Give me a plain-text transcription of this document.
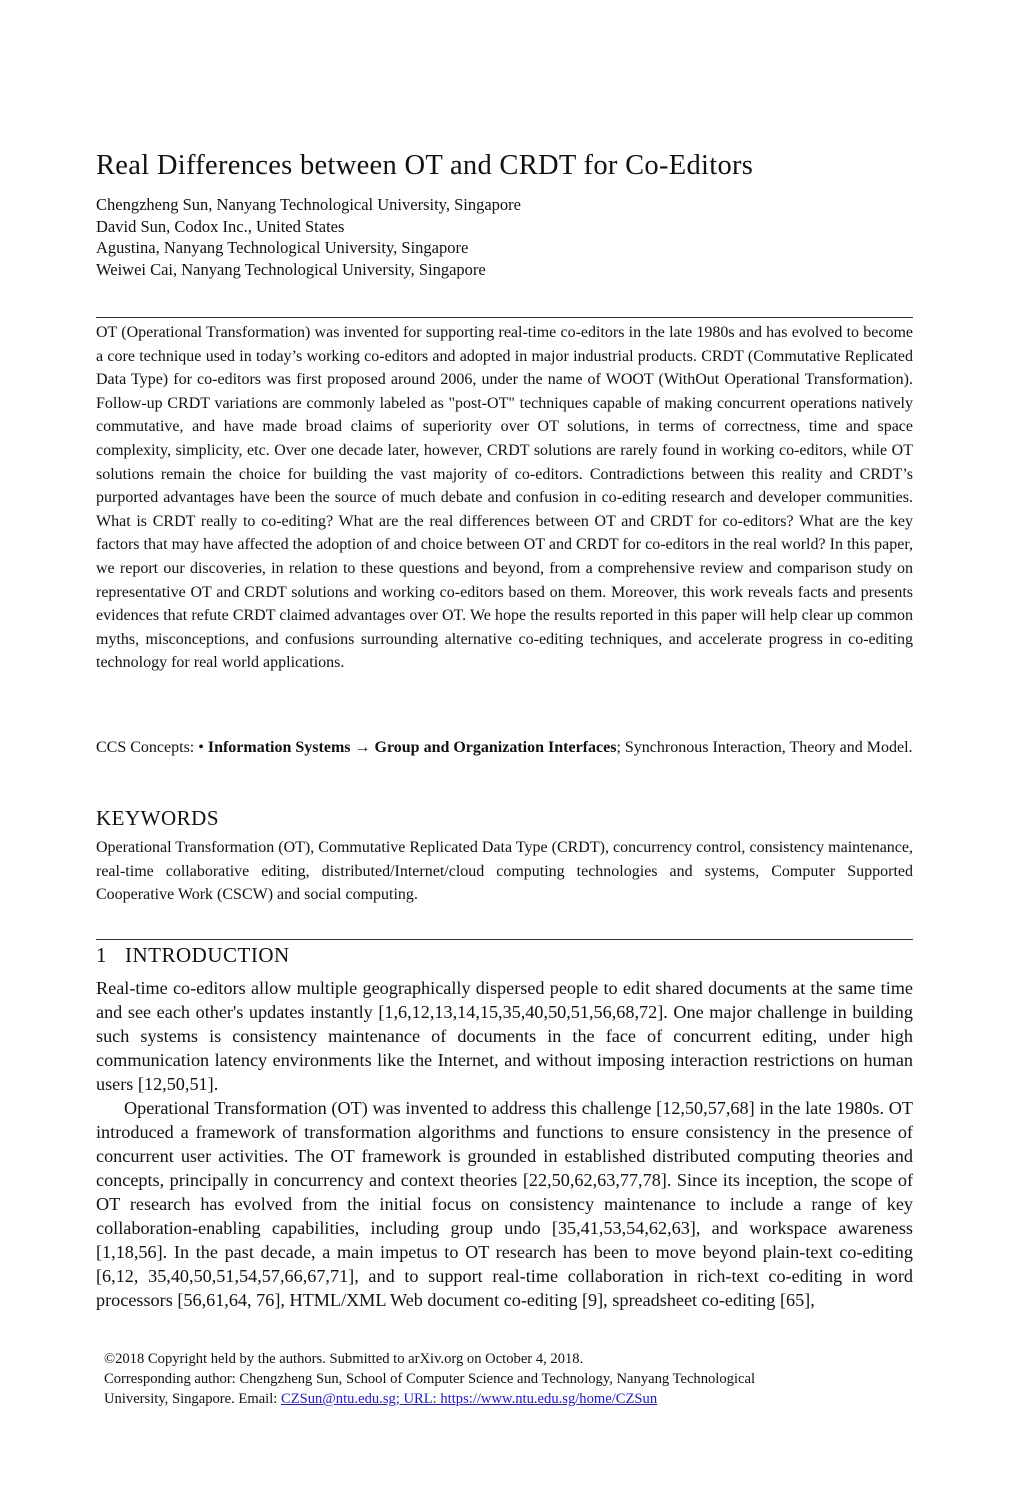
Real Differences between OT and CRDT for Co-Editors
Chengzheng Sun, Nanyang Technological University, Singapore
David Sun, Codox Inc., United States
Agustina, Nanyang Technological University, Singapore
Weiwei Cai, Nanyang Technological University, Singapore

OT (Operational Transformation) was invented for supporting real-time co-editors in the late 1980s and has evolved to become a core technique used in today’s working co-editors and adopted in major industrial products. CRDT (Commutative Replicated Data Type) for co-editors was first proposed around 2006, under the name of WOOT (WithOut Operational Transformation). Follow-up CRDT variations are commonly labeled as "post-OT" techniques capable of making concurrent operations natively commutative, and have made broad claims of superiority over OT solutions, in terms of correctness, time and space complexity, simplicity, etc. Over one decade later, however, CRDT solutions are rarely found in working co-editors, while OT solutions remain the choice for building the vast majority of co-editors. Contradictions between this reality and CRDT’s purported advantages have been the source of much debate and confusion in co-editing research and developer communities. What is CRDT really to co-editing? What are the real differences between OT and CRDT for co-editors? What are the key factors that may have affected the adoption of and choice between OT and CRDT for co-editors in the real world? In this paper, we report our discoveries, in relation to these questions and beyond, from a comprehensive review and comparison study on representative OT and CRDT solutions and working co-editors based on them. Moreover, this work reveals facts and presents evidences that refute CRDT claimed advantages over OT. We hope the results reported in this paper will help clear up common myths, misconceptions, and confusions surrounding alternative co-editing techniques, and accelerate progress in co-editing technology for real world applications.

CCS Concepts: • Information Systems → Group and Organization Interfaces; Synchronous Interaction, Theory and Model.

KEYWORDS

Operational Transformation (OT), Commutative Replicated Data Type (CRDT), concurrency control, consistency maintenance, real-time collaborative editing, distributed/Internet/cloud computing technologies and systems, Computer Supported Cooperative Work (CSCW) and social computing.

1 INTRODUCTION

Real-time co-editors allow multiple geographically dispersed people to edit shared documents at the same time and see each other's updates instantly [1,6,12,13,14,15,35,40,50,51,56,68,72]. One major challenge in building such systems is consistency maintenance of documents in the face of concurrent editing, under high communication latency environments like the Internet, and without imposing interaction restrictions on human users [12,50,51].

Operational Transformation (OT) was invented to address this challenge [12,50,57,68] in the late 1980s. OT introduced a framework of transformation algorithms and functions to ensure consistency in the presence of concurrent user activities. The OT framework is grounded in established distributed computing theories and concepts, principally in concurrency and context theories [22,50,62,63,77,78]. Since its inception, the scope of OT research has evolved from the initial focus on consistency maintenance to include a range of key collaboration-enabling capabilities, including group undo [35,41,53,54,62,63], and workspace awareness [1,18,56]. In the past decade, a main impetus to OT research has been to move beyond plain-text co-editing [6,12, 35,40,50,51,54,57,66,67,71], and to support real-time collaboration in rich-text co-editing in word processors [56,61,64, 76], HTML/XML Web document co-editing [9], spreadsheet co-editing [65],

©2018 Copyright held by the authors. Submitted to arXiv.org on October 4, 2018.
Corresponding author: Chengzheng Sun, School of Computer Science and Technology, Nanyang Technological
University, Singapore. Email: CZSun@ntu.edu.sg; URL: https://www.ntu.edu.sg/home/CZSun
